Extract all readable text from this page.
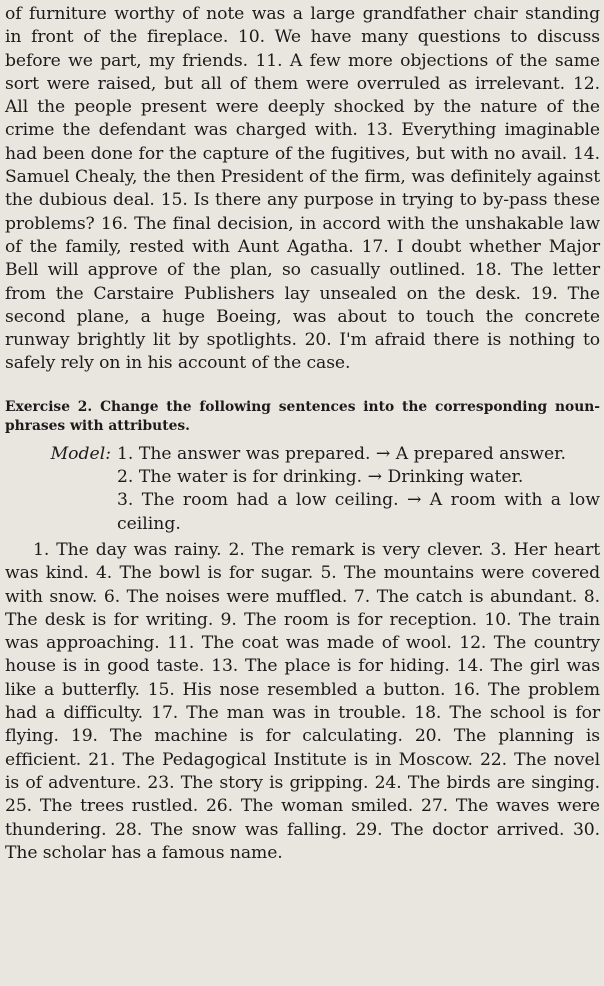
of furniture worthy of note was a large grandfather chair standing in front of the fireplace. 10. We have many questions to discuss before we part, my friends. 11. A few more objections of the same sort were raised, but all of them were overruled as irrelevant. 12. All the people present were deeply shocked by the nature of the crime the defendant was charged with. 13. Everything imaginable had been done for the capture of the fugitives, but with no avail. 14. Samuel Chealy, the then President of the firm, was definitely against the dubious deal. 15. Is there any purpose in trying to by-pass these problems? 16. The final decision, in accord with the unshakable law of the family, rested with Aunt Agatha. 17. I doubt whether Major Bell will approve of the plan, so casually outlined. 18. The letter from the Carstaire Publishers lay unsealed on the desk. 19. The second plane, a huge Boeing, was about to touch the concrete runway brightly lit by spotlights. 20. I'm afraid there is nothing to safely rely on in his account of the case.

Exercise 2. Change the following sentences into the corresponding noun-phrases with attributes.
Model: 1. The answer was prepared. → A prepared answer.
2. The water is for drinking. → Drinking water.
3. The room had a low ceiling. → A room with a low ceiling.

1. The day was rainy. 2. The remark is very clever. 3. Her heart was kind. 4. The bowl is for sugar. 5. The mountains were covered with snow. 6. The noises were muffled. 7. The catch is abundant. 8. The desk is for writing. 9. The room is for reception. 10. The train was approaching. 11. The coat was made of wool. 12. The country house is in good taste. 13. The place is for hiding. 14. The girl was like a butterfly. 15. His nose resembled a button. 16. The problem had a difficulty. 17. The man was in trouble. 18. The school is for flying. 19. The machine is for calculating. 20. The planning is efficient. 21. The Pedagogical Institute is in Moscow. 22. The novel is of adventure. 23. The story is gripping. 24. The birds are singing. 25. The trees rustled. 26. The woman smiled. 27. The waves were thundering. 28. The snow was falling. 29. The doctor arrived. 30. The scholar has a famous name.
